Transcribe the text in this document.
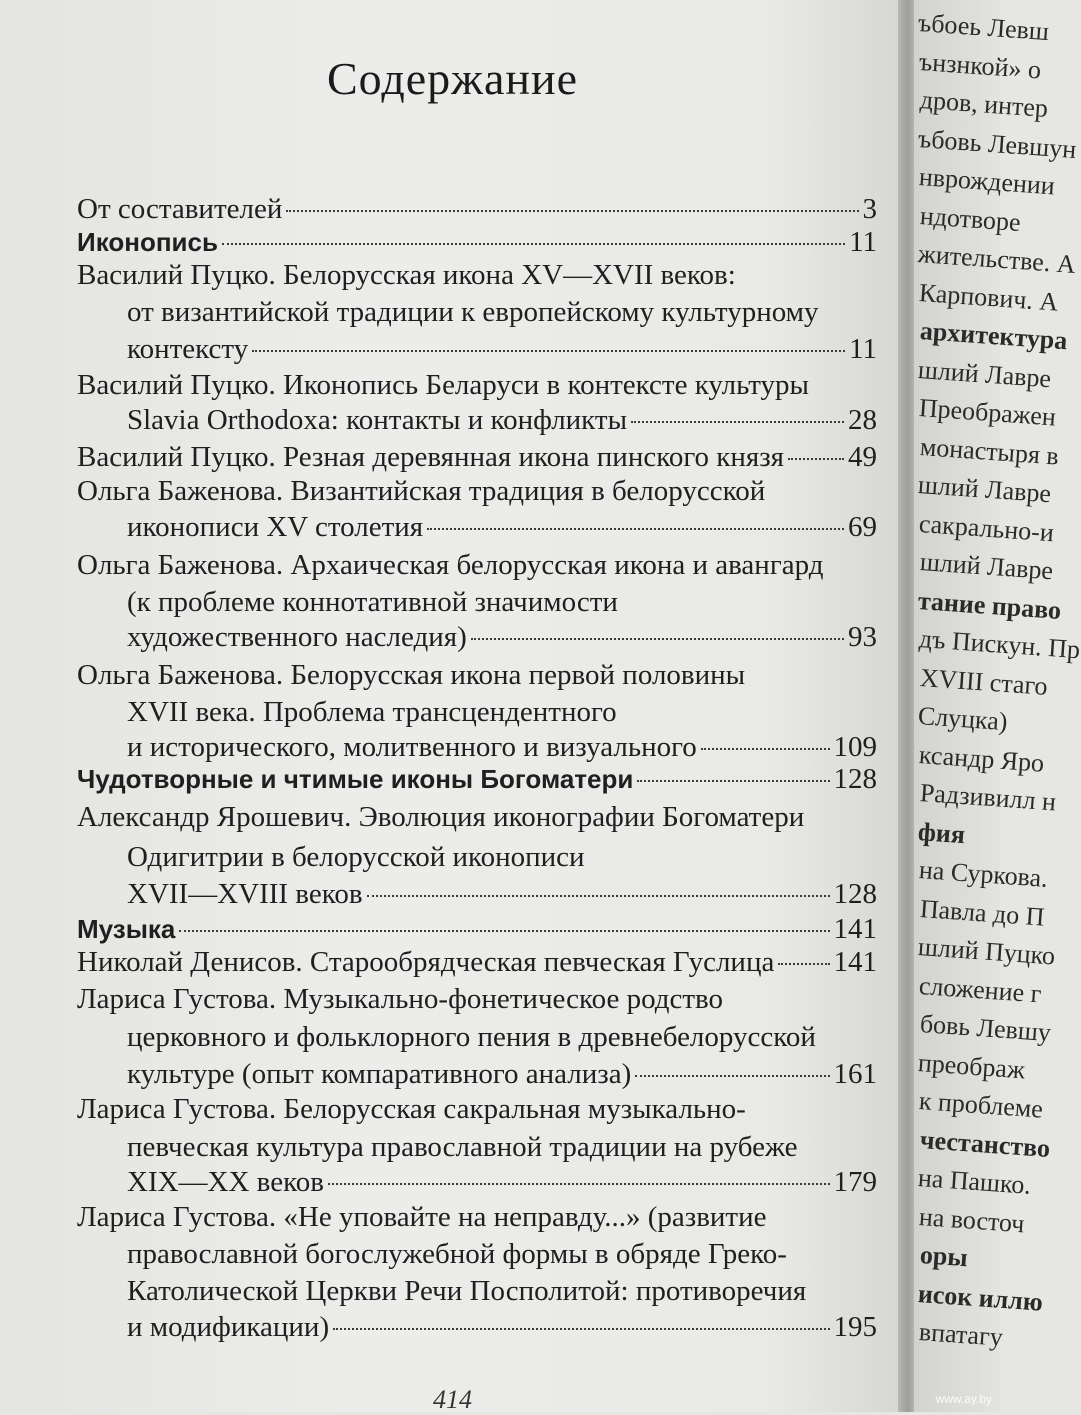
Содержание
От составителей	3
Иконопись	11
Василий Пуцко. Белорусская икона XV—XVII веков:
от византийской традиции к европейскому культурному
контексту	11
Василий Пуцко. Иконопись Беларуси в контексте культуры
Slavia Orthodoxa: контакты и конфликты	28
Василий Пуцко. Резная деревянная икона пинского князя 49
Ольга Баженова. Византийская традиция в белорусской
иконописи XV столетия	69
Ольга Баженова. Архаическая белорусская икона и авангард
(к проблеме коннотативной значимости
художественного наследия)	93
Ольга Баженова. Белорусская икона первой половины
XVII века. Проблема трансцендентного
и исторического, молитвенного и визуального	109
Чудотворные и чтимые иконы Богоматери	128
Александр Ярошевич. Эволюция иконографии Богоматери
Одигитрии в белорусской иконописи
XVII—XVIII веков	128
Музыка	141
Николай Денисов. Старообрядческая певческая Гуслица 141
Лариса Густова. Музыкально-фонетическое родство
церковного и фольклорного пения в древнебелорусской
культуре (опыт компаративного анализа)	161
Лариса Густова. Белорусская сакральная музыкально-
певческая культура православной традиции на рубеже
XIX—XX веков	179
Лариса Густова. «Не уповайте на неправду...» (развитие
православной богослужебной формы в обряде Греко-
Католической Церкви Речи Посполитой: противоречия
и модификации)	195
414
ъбоеь Левш
ънзнкой» о
дров, интер
ъбовь Левшун
нврождении
ндотворе
жительстве. А
Карпович. А
архитектура
шлий Лавре
Преображен
монастыря в
шлий Лавре
сакрально-и
шлий Лавре
тание право
дъ Пискун. Пр
XVIII стаго
Слуцка)
ксандр Яро
Радзивилл н
фия
на Суркова.
Павла до П
шлий Пуцко
сложение г
бовь Левшу
преображ
к проблеме
честанство
на Пашко.
на восточ
оры
исок иллю
впатагу
www.ay.by
